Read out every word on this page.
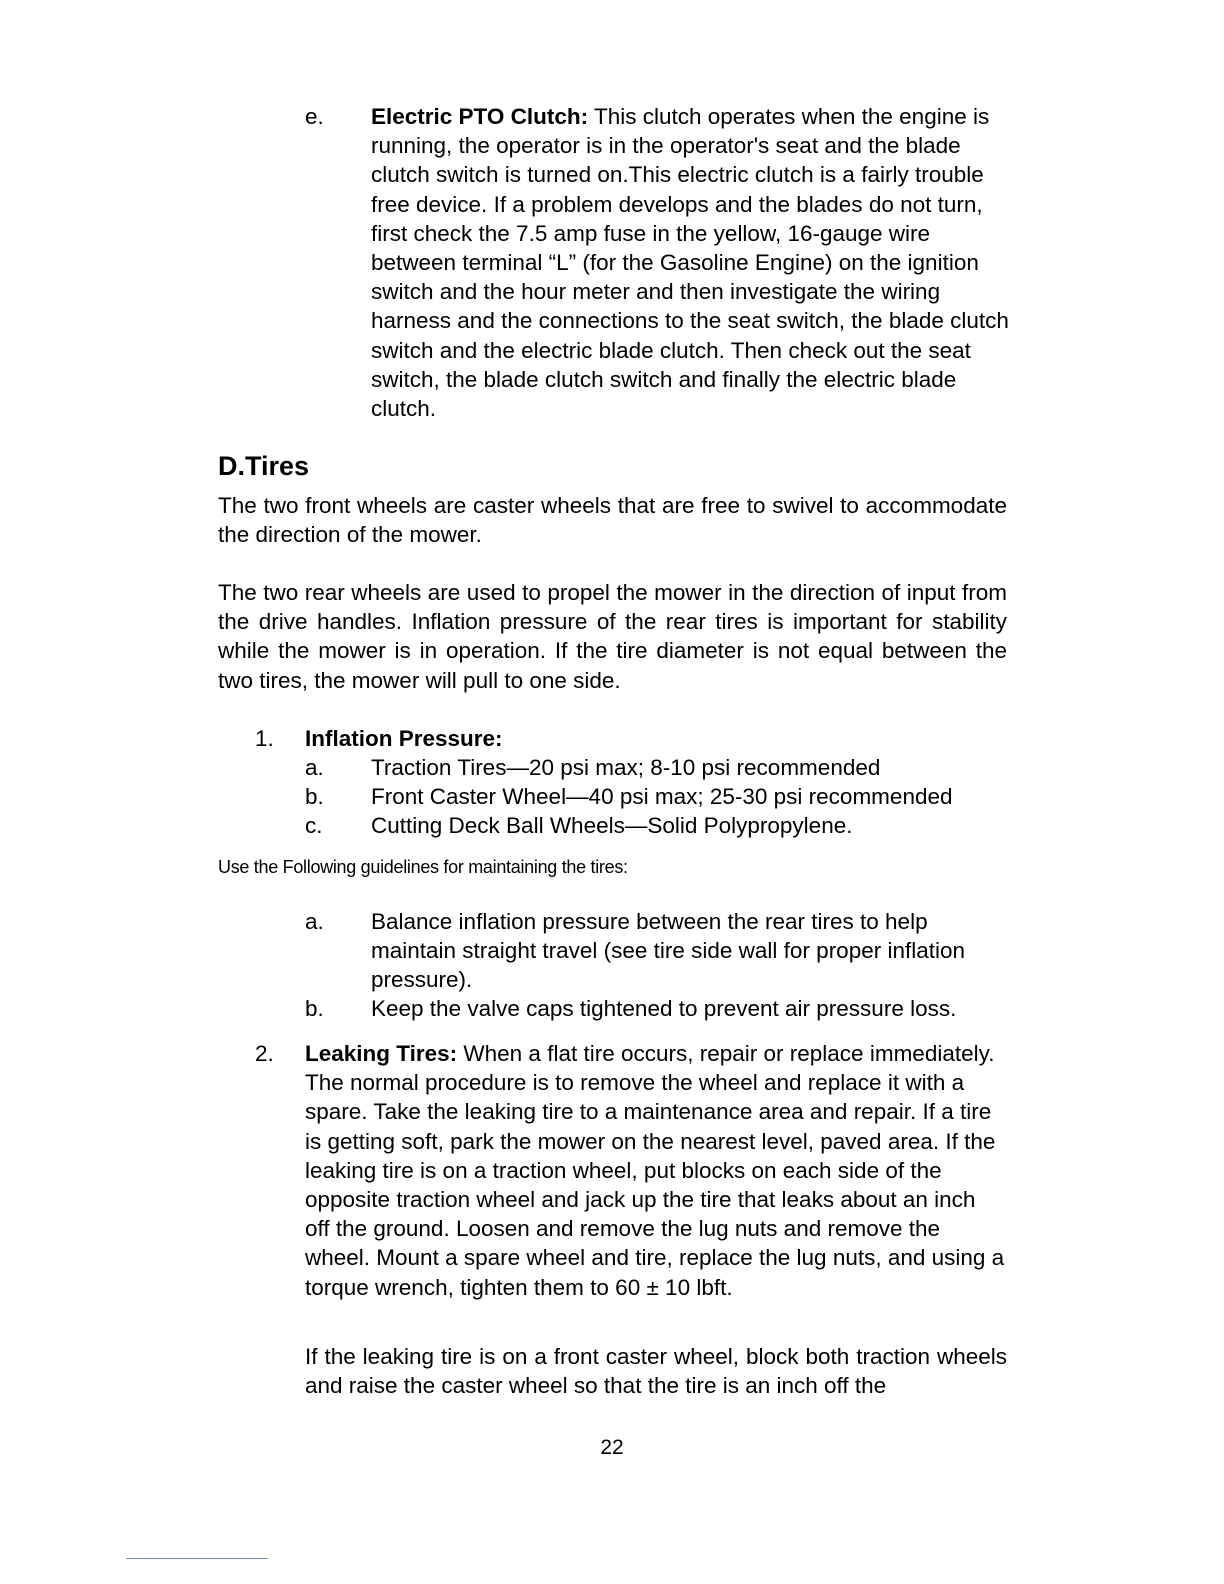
e. Electric PTO Clutch: This clutch operates when the engine is running, the operator is in the operator's seat and the blade clutch switch is turned on.This electric clutch is a fairly trouble free device. If a problem develops and the blades do not turn, first check the 7.5 amp fuse in the yellow, 16-gauge wire between terminal “L” (for the Gasoline Engine) on the ignition switch and the hour meter and then investigate the wiring harness and the connections to the seat switch, the blade clutch switch and the electric blade clutch. Then check out the seat switch, the blade clutch switch and finally the electric blade clutch.

D.Tires

The two front wheels are caster wheels that are free to swivel to accommodate the direction of the mower.

The two rear wheels are used to propel the mower in the direction of input from the drive handles. Inflation pressure of the rear tires is important for stability while the mower is in operation. If the tire diameter is not equal between the two tires, the mower will pull to one side.

1. Inflation Pressure:
a. Traction Tires—20 psi max; 8-10 psi recommended
b. Front Caster Wheel—40 psi max; 25-30 psi recommended
c. Cutting Deck Ball Wheels—Solid Polypropylene.
Use the Following guidelines for maintaining the tires:
a. Balance inflation pressure between the rear tires to help maintain straight travel (see tire side wall for proper inflation pressure).

b. Keep the valve caps tightened to prevent air pressure loss.
2. Leaking Tires: When a flat tire occurs, repair or replace immediately. The normal procedure is to remove the wheel and replace it with a spare. Take the leaking tire to a maintenance area and repair. If a tire is getting soft, park the mower on the nearest level, paved area. If the leaking tire is on a traction wheel, put blocks on each side of the opposite traction wheel and jack up the tire that leaks about an inch off the ground. Loosen and remove the lug nuts and remove the wheel. Mount a spare wheel and tire, replace the lug nuts, and using a torque wrench, tighten them to 60 ± 10 lbft.

If the leaking tire is on a front caster wheel, block both traction wheels and raise the caster wheel so that the tire is an inch off the

22
